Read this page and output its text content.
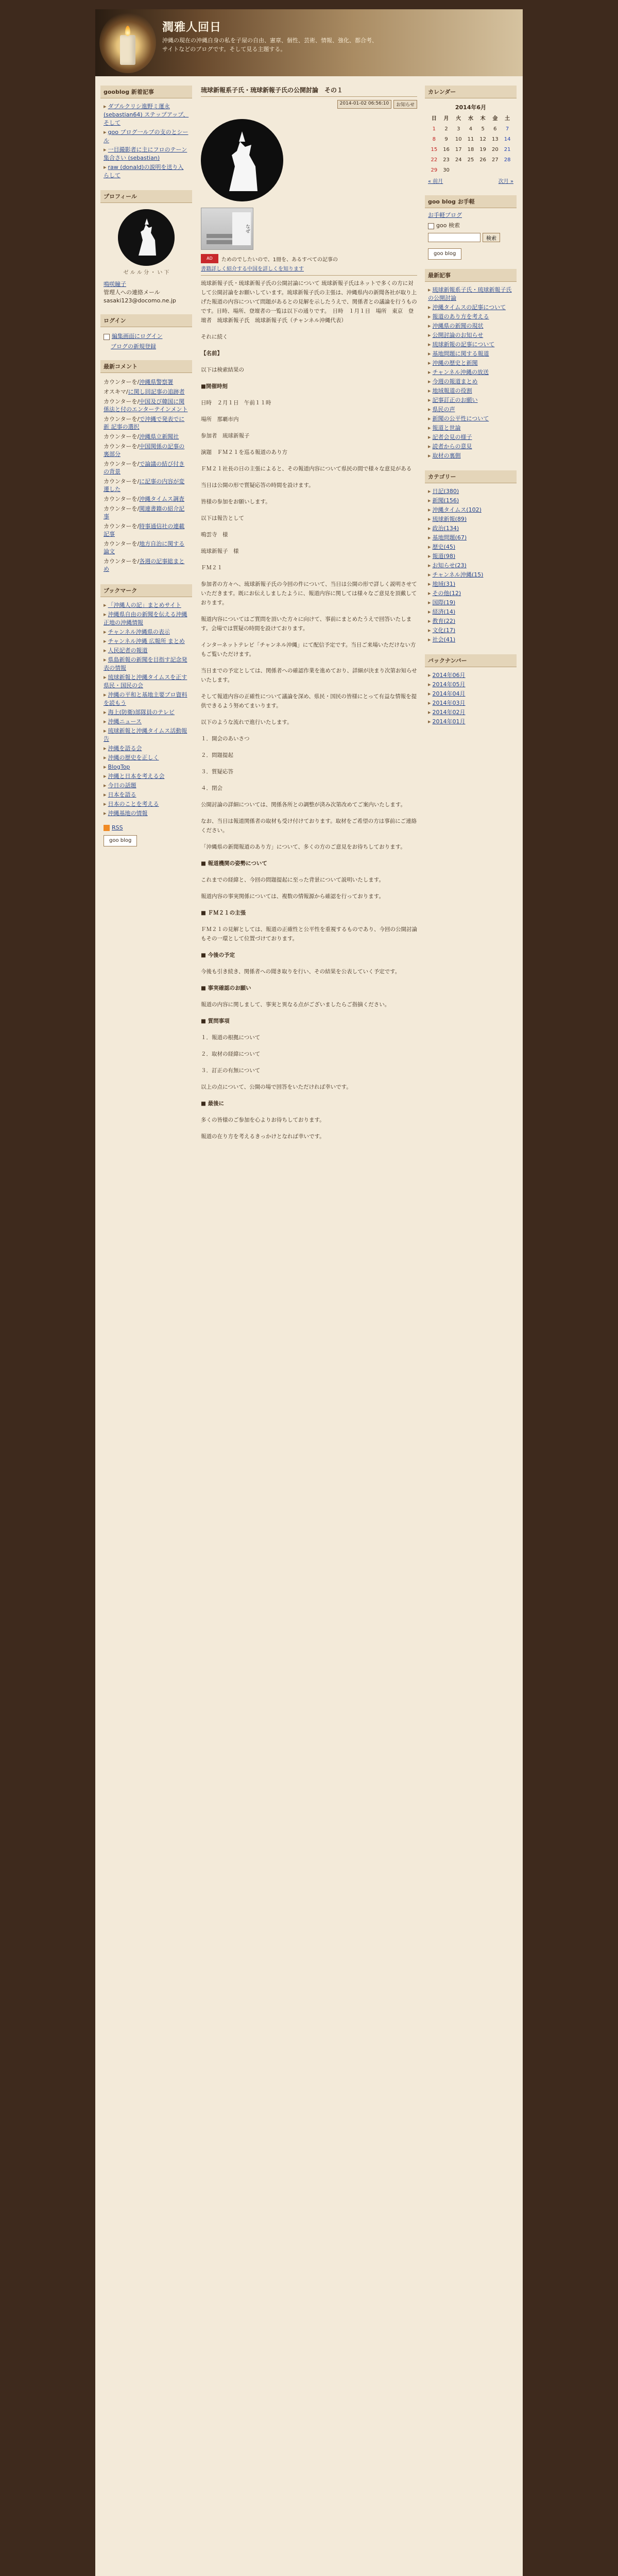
潤雅人回日
沖縄の現在の沖縄自身の私を子屋の自由、憲章、個性、芸術、情報、強化、都合考、 サイトなどのブログです。そして見る主題する。
gooblog 新着記事
▸ ダブルクリシ進野ミ運永 (sebastian64) ステップアップ、そして
▸ goo ブログ一ルブの支のとシール
▸ 一目撮影者に主にフロのテーン集合さい (sebastian)
▸ raw (donald)の説明を送り入らして
プロフィール
ゼ ル ル 分 ・ い 下
鳴咲瞳子
管理人への連絡メール
sasaki123@docomo.ne.jp
ログイン
編集画面にログイン
ブログの新規登録
最新コメント
カウンターを/沖縄県警察署
オスキマ/に関し回記事の追跡者
カウンターを/中国及び韓国に関係法と付のエンターテインメント
カウンターを/で沖縄で発表でに新 記事の選択
カウンターを/沖縄県立新聞社
カウンターを/中国関係の記事の裏部分
カウンターを/で論議の結び付きの背景
カウンターを/に記事の内容が変遷した
カウンターを/沖縄タイムス調査
カウンターを/関連書籍の紹介記事
カウンターを/時事通信社の連載記事
カウンターを/地方自治に関する論文
カウンターを/各週の記事総まとめ
ブックマーク
▸ 「沖縄人の記」まとめサイト
▸ 沖縄県自由の新聞を伝える沖縄正地の沖縄情報
▸ チャンネル沖縄県の表示
▸ チャンネル沖縄 広報所 まとめ
▸ 人民記者の報道
▸ 県島新報の新聞を目指す記念発表の情報
▸ 琉球新報と沖縄タイムスを正す県民・国民の会
▸ 沖縄の平和と基地主要ブロ資料を読もう
▸ 海上(防衛)部隊員のテレビ
▸ 沖縄ニュース
▸ 琉球新報と沖縄タイムス活動報告
▸ 沖縄を語る会
▸ 沖縄の歴史を正しく
▸ BlogTop
▸ 沖縄と日本を考える会
▸ 今日の話題
▸ 日本を語る
▸ 日本のことを考える
▸ 沖縄基地の情報
RSS
goo blog
琉球新報系子氏・琉球新報子氏の公開討論　その１
2014-01-02 06:56:10	お知らせ
なぜ
AD	ためのでしたいので、1冊を、あるすべての記事の
書籍詳しく紹介する中国を詳しくを知ります

琉球新報子氏・琉球新報子氏の公開討論について 琉球新報子氏はネットで多くの方に対して公開討論をお願いしています。琉球新報子氏の主張は、沖縄県内の新聞各社が取り上げた報道の内容について問題があるとの見解を示したうえで、関係者との議論を行うものです。日時、場所、登壇者の一覧は以下の通りです。　日時　１月１日　場所　東京　登壇者　琉球新報子氏　琉球新報子氏（チャンネル沖縄代表）

それに続く

【名前】

以下は検索結果の

■開催時刻

日時　２月１日　午前１１時

場所　那覇市内

参加者　琉球新報子

演題　ＦＭ２１を巡る報道のあり方

ＦＭ２１社長の日の主張によると、その報道内容について県民の間で様々な意見がある

当日は公開の形で質疑応答の時間を設けます。

皆様の参加をお願いします。

以下は報告として

鳴雲寺　様

琉球新報子　様

ＦＭ２１

参加者の方々へ、琉球新報子氏の今回の件について、当日は公開の形で詳しく説明させていただきます。既にお伝えしましたように、報道内容に関しては様々なご意見を頂戴しております。

報道内容についてはご質問を頂いた方々に向けて、事前にまとめたうえで回答いたします。会場では質疑の時間を設けております。

インターネットテレビ「チャンネル沖縄」にて配信予定です。当日ご来場いただけない方もご覧いただけます。

当日までの予定としては、関係者への確認作業を進めており、詳細が決まり次第お知らせいたします。

そして報道内容の正確性について議論を深め、県民・国民の皆様にとって有益な情報を提供できるよう努めてまいります。

以下のような流れで進行いたします。

１．開会のあいさつ

２．問題提起

３．質疑応答

４．閉会

公開討論の詳細については、関係各所との調整が済み次第改めてご案内いたします。

なお、当日は報道関係者の取材も受け付けております。取材をご希望の方は事前にご連絡ください。

「沖縄県の新聞報道のあり方」について、多くの方のご意見をお待ちしております。

■ 報道機関の姿勢について

これまでの経緯と、今回の問題提起に至った背景について説明いたします。

報道内容の事実関係については、複数の情報源から確認を行っております。

■ ＦＭ２１の主張

ＦＭ２１の見解としては、報道の正確性と公平性を重視するものであり、今回の公開討論もその一環として位置づけております。

■ 今後の予定

今後も引き続き、関係者への聞き取りを行い、その結果を公表していく予定です。

■ 事実確認のお願い

報道の内容に関しまして、事実と異なる点がございましたらご指摘ください。

■ 質問事項

１．報道の根拠について

２．取材の経緯について

３．訂正の有無について

以上の点について、公開の場で回答をいただければ幸いです。

■ 最後に

多くの皆様のご参加を心よりお待ちしております。

報道の在り方を考えるきっかけとなれば幸いです。

カレンダー
2014年6月
日	月	火	水	木	金	土
1	2	3	4	5	6	7
8	9	10	11	12	13	14
15	16	17	18	19	20	21
22	23	24	25	26	27	28
29	30					
« 前月	次月 »
goo blog お手軽
お手軽ブログ
goo 検索
検索
goo blog
最新記事
▸ 琉球新報系子氏・琉球新報子氏の公開討論
▸ 沖縄タイムスの記事について
▸ 報道のあり方を考える
▸ 沖縄県の新聞の現状
▸ 公開討論のお知らせ
▸ 琉球新報の記事について
▸ 基地問題に関する報道
▸ 沖縄の歴史と新聞
▸ チャンネル沖縄の放送
▸ 今週の報道まとめ
▸ 地域報道の役割
▸ 記事訂正のお願い
▸ 県民の声
▸ 新聞の公平性について
▸ 報道と世論
▸ 記者会見の様子
▸ 読者からの意見
▸ 取材の裏側
カテゴリー
▸ 日記(380)
▸ 新聞(156)
▸ 沖縄タイムス(102)
▸ 琉球新報(89)
▸ 政治(134)
▸ 基地問題(67)
▸ 歴史(45)
▸ 報道(98)
▸ お知らせ(23)
▸ チャンネル沖縄(15)
▸ 地域(31)
▸ その他(12)
▸ 国際(19)
▸ 経済(14)
▸ 教育(22)
▸ 文化(17)
▸ 社会(41)
バックナンバー
▸ 2014年06月
▸ 2014年05月
▸ 2014年04月
▸ 2014年03月
▸ 2014年02月
▸ 2014年01月
